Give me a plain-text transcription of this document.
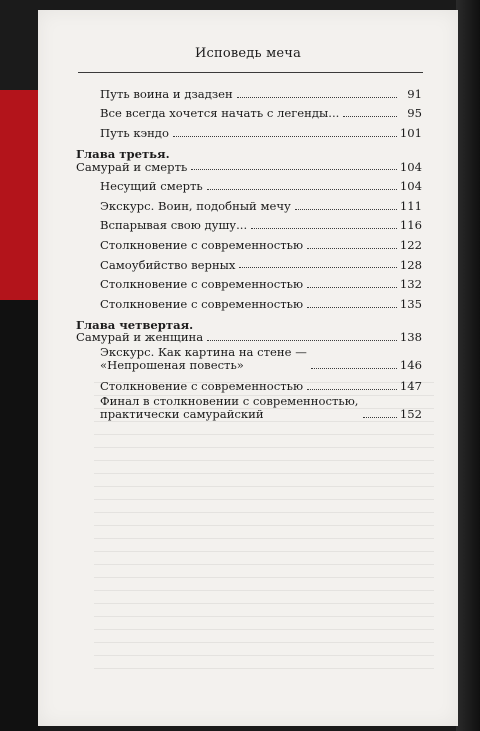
Исповедь меча
Путь воина и дзадзен	91
Все всегда хочется начать с легенды...	95
Путь кэндо	101

Глава третья.
Самурай и смерть	104
Несущий смерть	104
Экскурс. Воин, подобный мечу	111
Вспарывая свою душу...	116
Столкновение с современностью	122
Самоубийство верных	128
Столкновение с современностью	132
Столкновение с современностью	135

Глава четвертая.
Самурай и женщина	138
Экскурс. Как картина на стене —
«Непрошеная повесть»	146
Столкновение с современностью	147
Финал в столкновении с современностью,
практически самурайский	152
